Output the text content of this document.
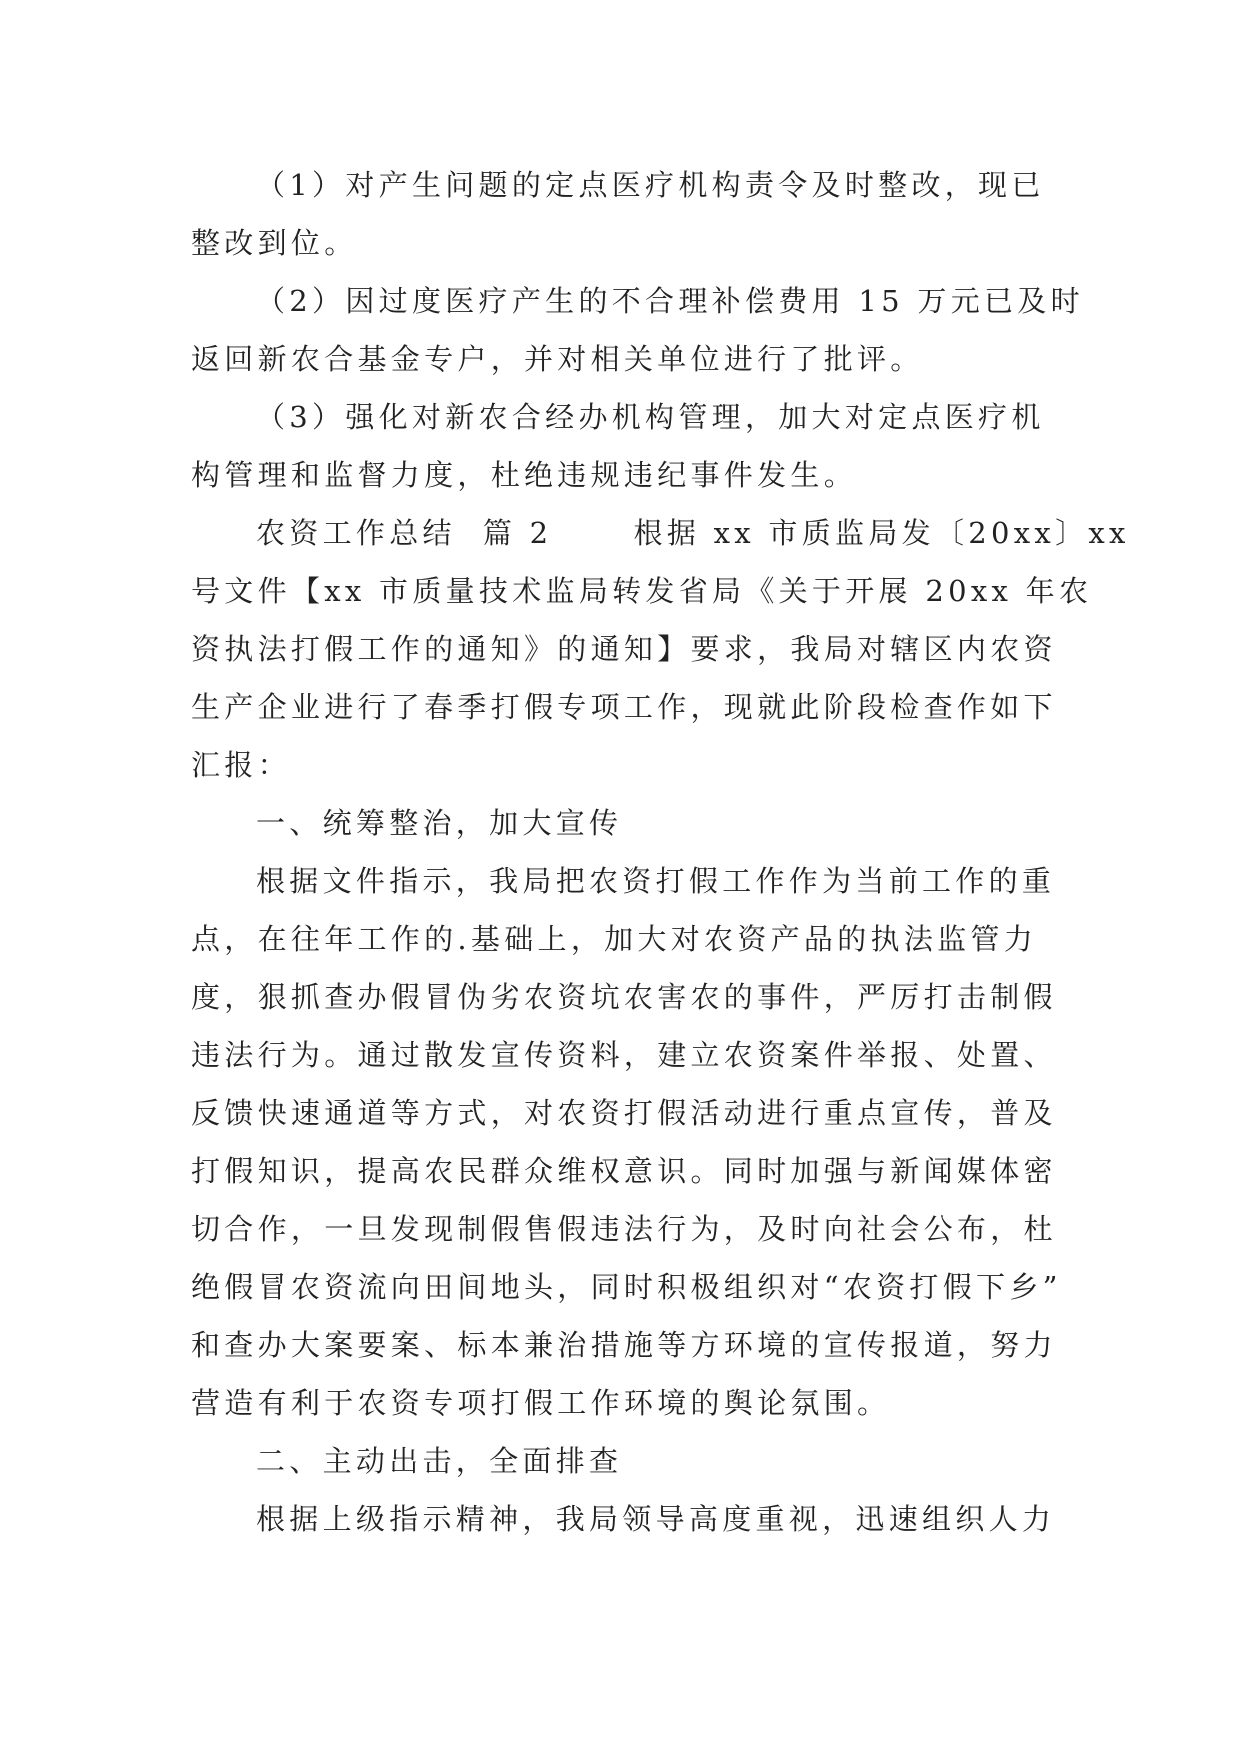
（1）对产生问题的定点医疗机构责令及时整改，现已
整改到位。
（2）因过度医疗产生的不合理补偿费用 15 万元已及时
返回新农合基金专户，并对相关单位进行了批评。
（3）强化对新农合经办机构管理，加大对定点医疗机
构管理和监督力度，杜绝违规违纪事件发生。
农资工作总结  篇 2      根据 xx 市质监局发〔20xx〕xx
号文件【xx 市质量技术监局转发省局《关于开展 20xx 年农
资执法打假工作的通知》的通知】要求，我局对辖区内农资
生产企业进行了春季打假专项工作，现就此阶段检查作如下
汇报：
一、统筹整治，加大宣传
根据文件指示，我局把农资打假工作作为当前工作的重
点，在往年工作的.基础上，加大对农资产品的执法监管力
度，狠抓查办假冒伪劣农资坑农害农的事件，严厉打击制假
违法行为。通过散发宣传资料，建立农资案件举报、处置、
反馈快速通道等方式，对农资打假活动进行重点宣传，普及
打假知识，提高农民群众维权意识。同时加强与新闻媒体密
切合作，一旦发现制假售假违法行为，及时向社会公布，杜
绝假冒农资流向田间地头，同时积极组织对“农资打假下乡”
和查办大案要案、标本兼治措施等方环境的宣传报道，努力
营造有利于农资专项打假工作环境的舆论氛围。
二、主动出击，全面排查
根据上级指示精神，我局领导高度重视，迅速组织人力
